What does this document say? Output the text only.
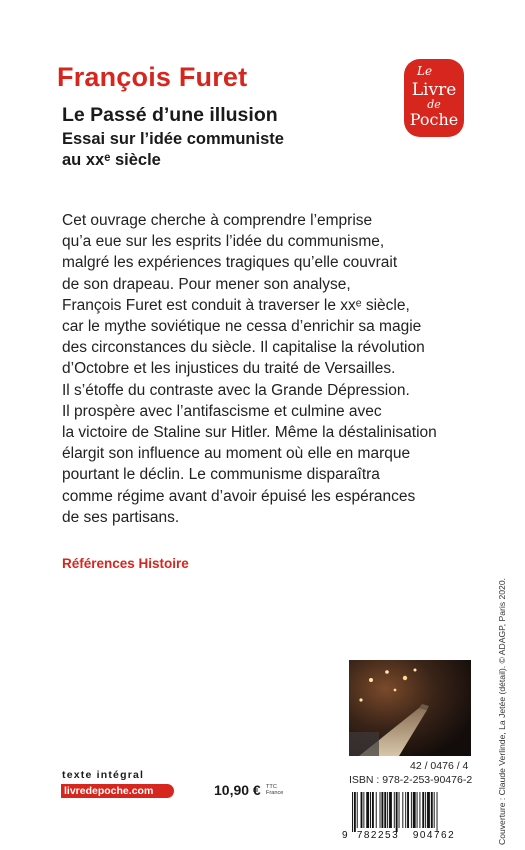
François Furet
Le Passé d’une illusion
Essai sur l’idée communiste
au xxᵉ siècle
Le
Livre
de
Poche
Cet ouvrage cherche à comprendre l’emprise
qu’a eue sur les esprits l’idée du communisme,
malgré les expériences tragiques qu’elle couvrait
de son drapeau. Pour mener son analyse,
François Furet est conduit à traverser le xxᵉ siècle,
car le mythe soviétique ne cessa d’enrichir sa magie
des circonstances du siècle. Il capitalise la révolution
d’Octobre et les injustices du traité de Versailles.
Il s’étoffe du contraste avec la Grande Dépression.
Il prospère avec l’antifascisme et culmine avec
la victoire de Staline sur Hitler. Même la déstalinisation
élargit son influence au moment où elle en marque
pourtant le déclin. Le communisme disparaîtra
comme régime avant d’avoir épuisé les espérances
de ses partisans.
Références Histoire
Couverture : Claude Verlinde, La Jetée (détail). © ADAGP, Paris 2020.
42 / 0476 / 4
ISBN : 978-2-253-90476-2
9 782253 904762
texte intégral
livredepoche.com	10,90 € TTC
France
